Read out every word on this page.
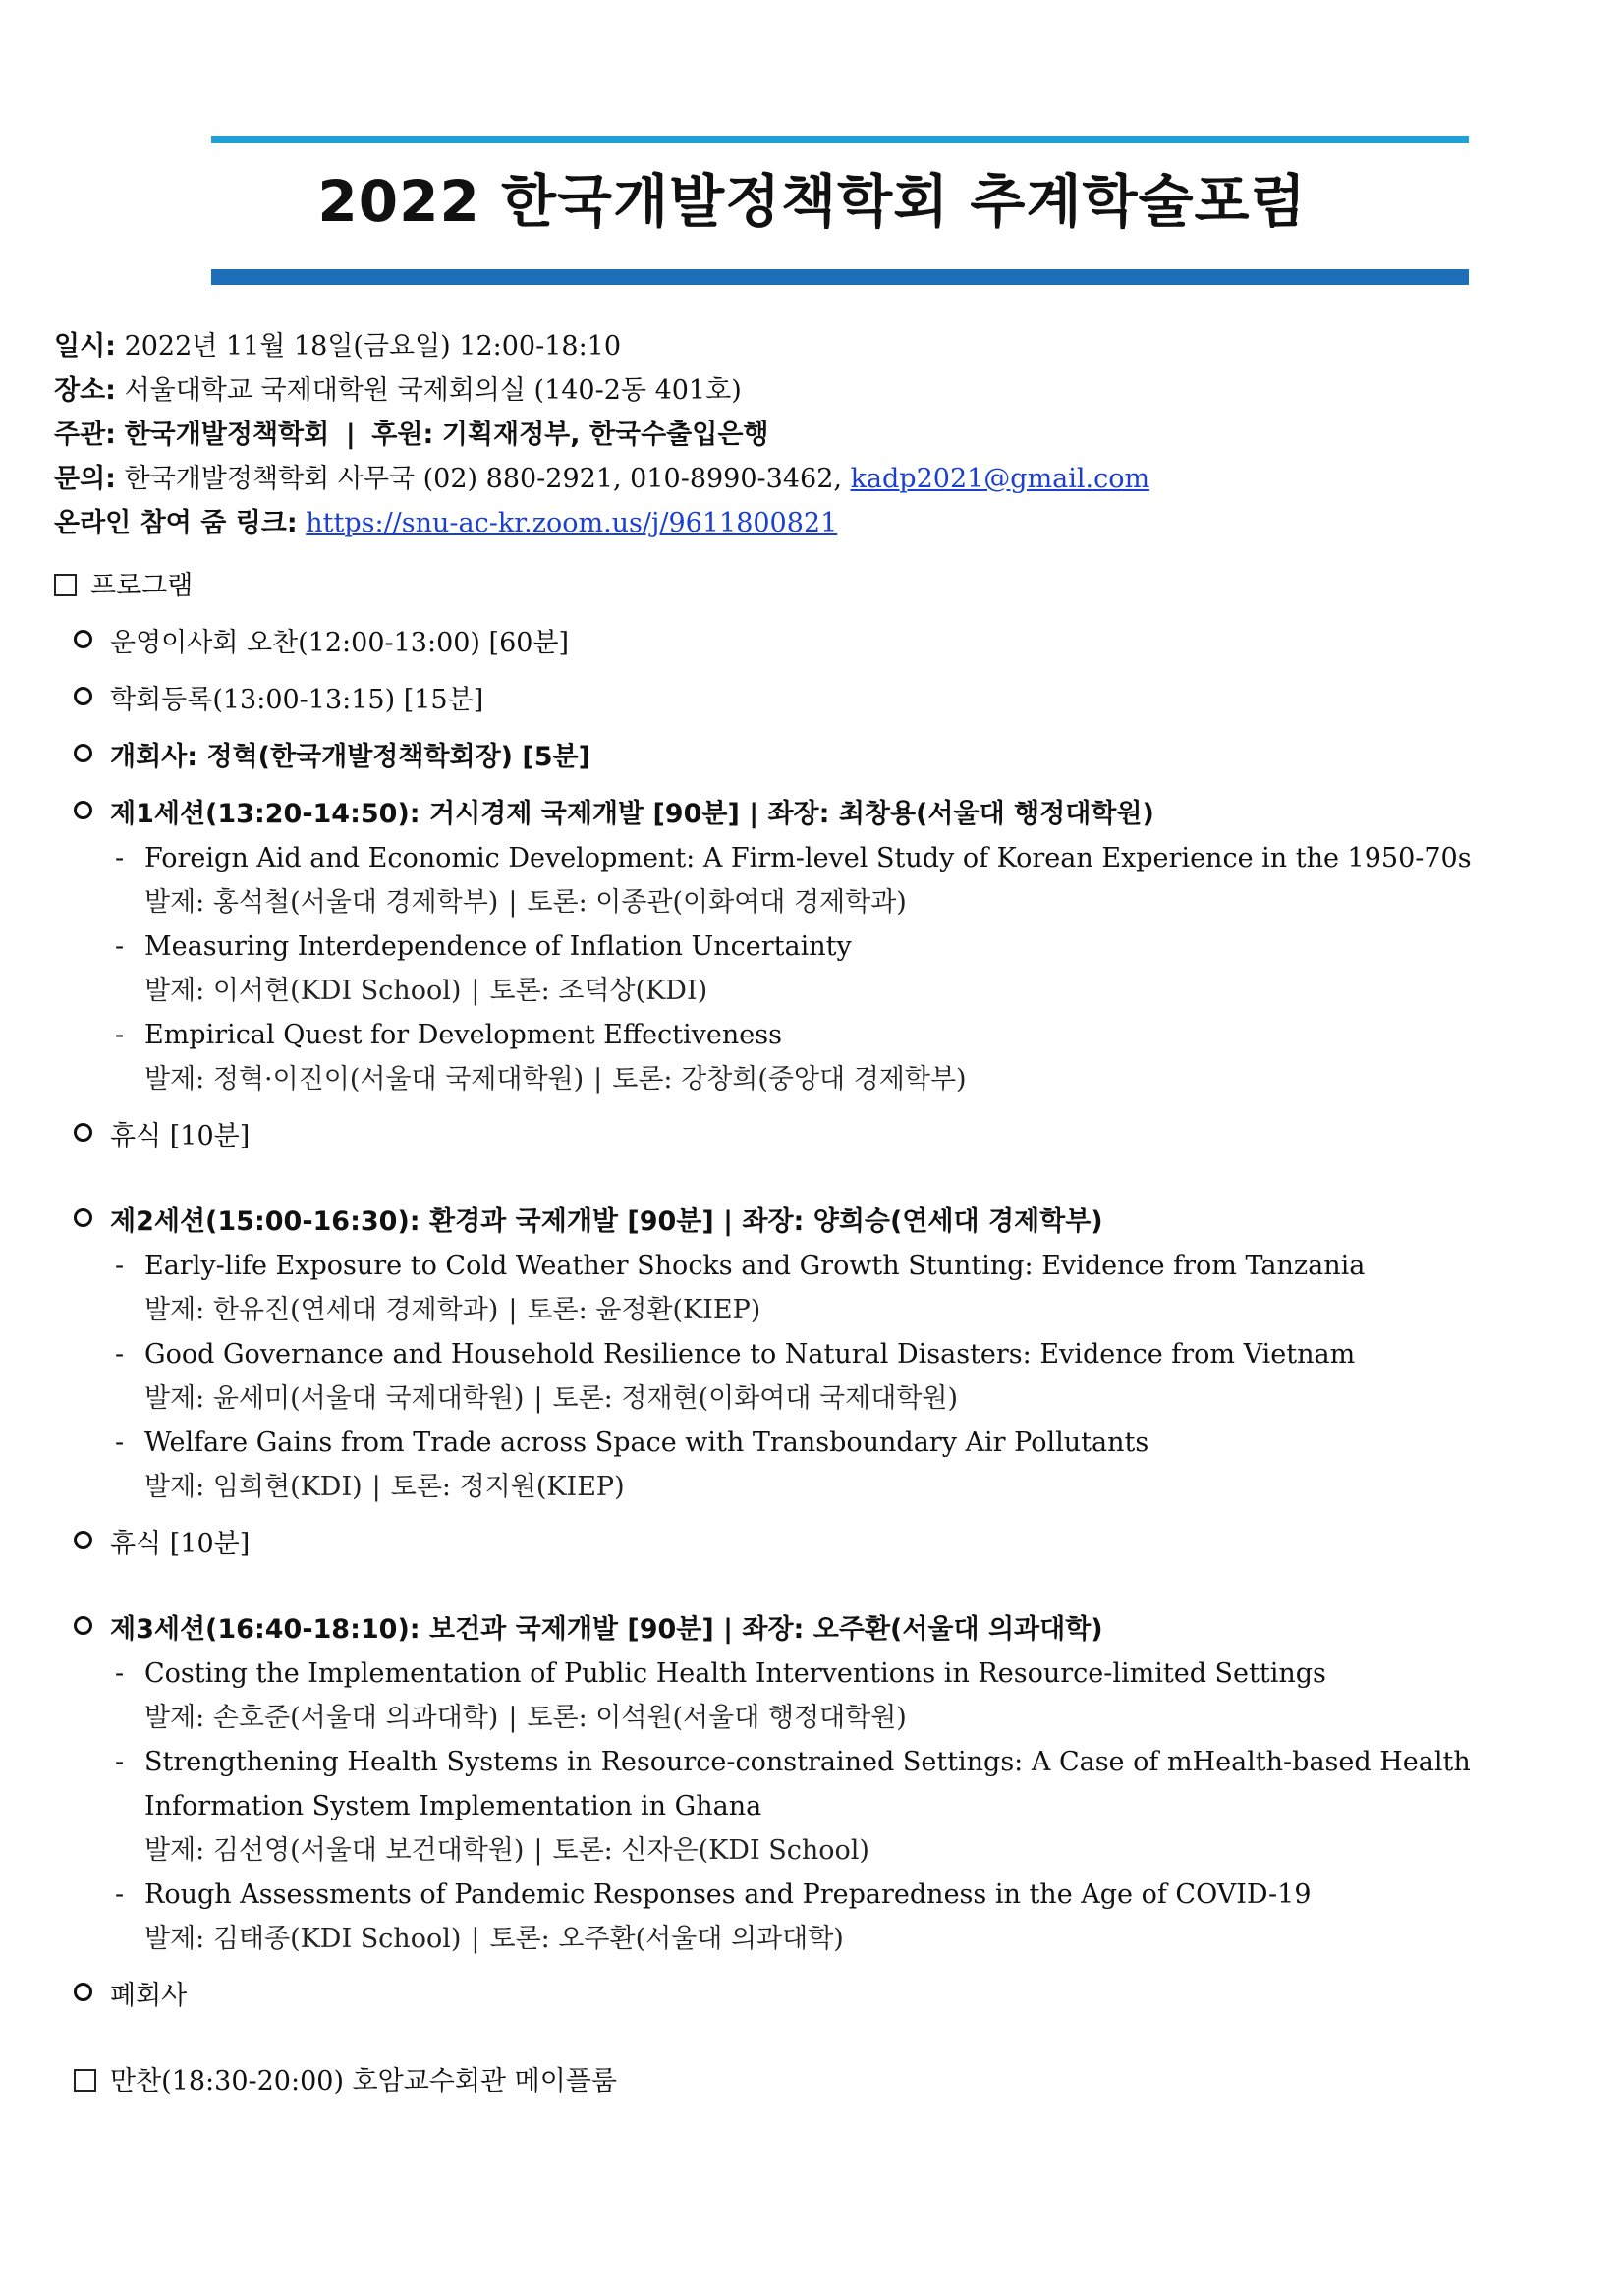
2022 한국개발정책학회 추계학술포럼
일시: 2022년 11월 18일(금요일) 12:00-18:10
장소: 서울대학교 국제대학원 국제회의실 (140-2동 401호)
주관: 한국개발정책학회 | 후원: 기획재정부, 한국수출입은행
문의: 한국개발정책학회 사무국 (02) 880-2921, 010-8990-3462, kadp2021@gmail.com
온라인 참여 줌 링크: https://snu-ac-kr.zoom.us/j/9611800821
프로그램
운영이사회 오찬(12:00-13:00) [60분]
학회등록(13:00-13:15) [15분]
개회사: 정혁(한국개발정책학회장) [5분]
제1세션(13:20-14:50): 거시경제 국제개발 [90분] | 좌장: 최창용(서울대 행정대학원)
- Foreign Aid and Economic Development: A Firm-level Study of Korean Experience in the 1950-70s
발제: 홍석철(서울대 경제학부) | 토론: 이종관(이화여대 경제학과)
- Measuring Interdependence of Inflation Uncertainty
발제: 이서현(KDI School) | 토론: 조덕상(KDI)
- Empirical Quest for Development Effectiveness
발제: 정혁·이진이(서울대 국제대학원) | 토론: 강창희(중앙대 경제학부)
휴식 [10분]
제2세션(15:00-16:30): 환경과 국제개발 [90분] | 좌장: 양희승(연세대 경제학부)
- Early-life Exposure to Cold Weather Shocks and Growth Stunting: Evidence from Tanzania
발제: 한유진(연세대 경제학과) | 토론: 윤정환(KIEP)
- Good Governance and Household Resilience to Natural Disasters: Evidence from Vietnam
발제: 윤세미(서울대 국제대학원) | 토론: 정재현(이화여대 국제대학원)
- Welfare Gains from Trade across Space with Transboundary Air Pollutants
발제: 임희현(KDI) | 토론: 정지원(KIEP)
휴식 [10분]
제3세션(16:40-18:10): 보건과 국제개발 [90분] | 좌장: 오주환(서울대 의과대학)
- Costing the Implementation of Public Health Interventions in Resource-limited Settings
발제: 손호준(서울대 의과대학) | 토론: 이석원(서울대 행정대학원)
- Strengthening Health Systems in Resource-constrained Settings: A Case of mHealth-based Health
Information System Implementation in Ghana
발제: 김선영(서울대 보건대학원) | 토론: 신자은(KDI School)
- Rough Assessments of Pandemic Responses and Preparedness in the Age of COVID-19
발제: 김태종(KDI School) | 토론: 오주환(서울대 의과대학)
폐회사
만찬(18:30-20:00) 호암교수회관 메이플룸
